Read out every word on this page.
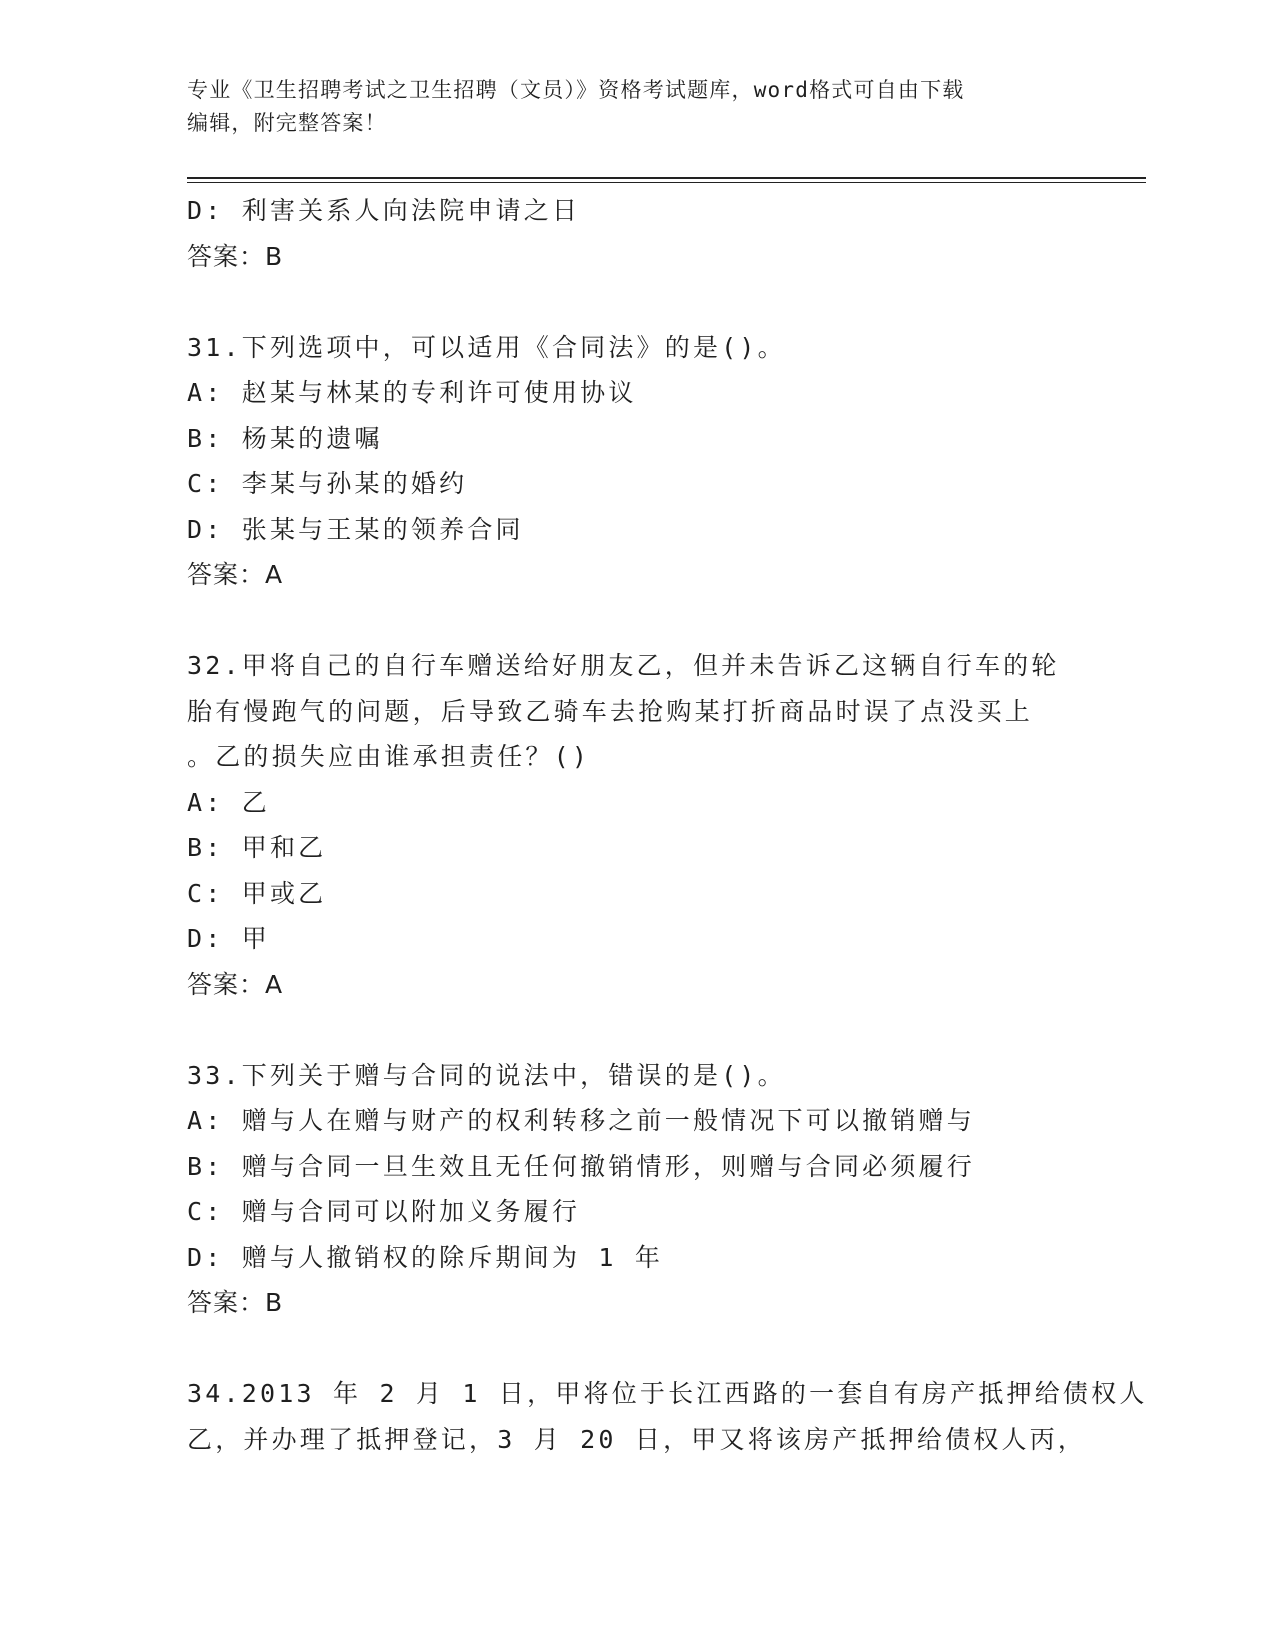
专业《卫生招聘考试之卫生招聘（文员）》资格考试题库，word格式可自由下载
编辑，附完整答案！
D: 利害关系人向法院申请之日
答案：B
31.下列选项中，可以适用《合同法》的是()。
A: 赵某与林某的专利许可使用协议
B: 杨某的遗嘱
C: 李某与孙某的婚约
D: 张某与王某的领养合同
答案：A
32.甲将自己的自行车赠送给好朋友乙，但并未告诉乙这辆自行车的轮
胎有慢跑气的问题，后导致乙骑车去抢购某打折商品时误了点没买上
。乙的损失应由谁承担责任？()
A: 乙
B: 甲和乙
C: 甲或乙
D: 甲
答案：A
33.下列关于赠与合同的说法中，错误的是()。
A: 赠与人在赠与财产的权利转移之前一般情况下可以撤销赠与
B: 赠与合同一旦生效且无任何撤销情形，则赠与合同必须履行
C: 赠与合同可以附加义务履行
D: 赠与人撤销权的除斥期间为 1 年
答案：B
34.2013 年 2 月 1 日，甲将位于长江西路的一套自有房产抵押给债权人
乙，并办理了抵押登记，3 月 20 日，甲又将该房产抵押给债权人丙，
